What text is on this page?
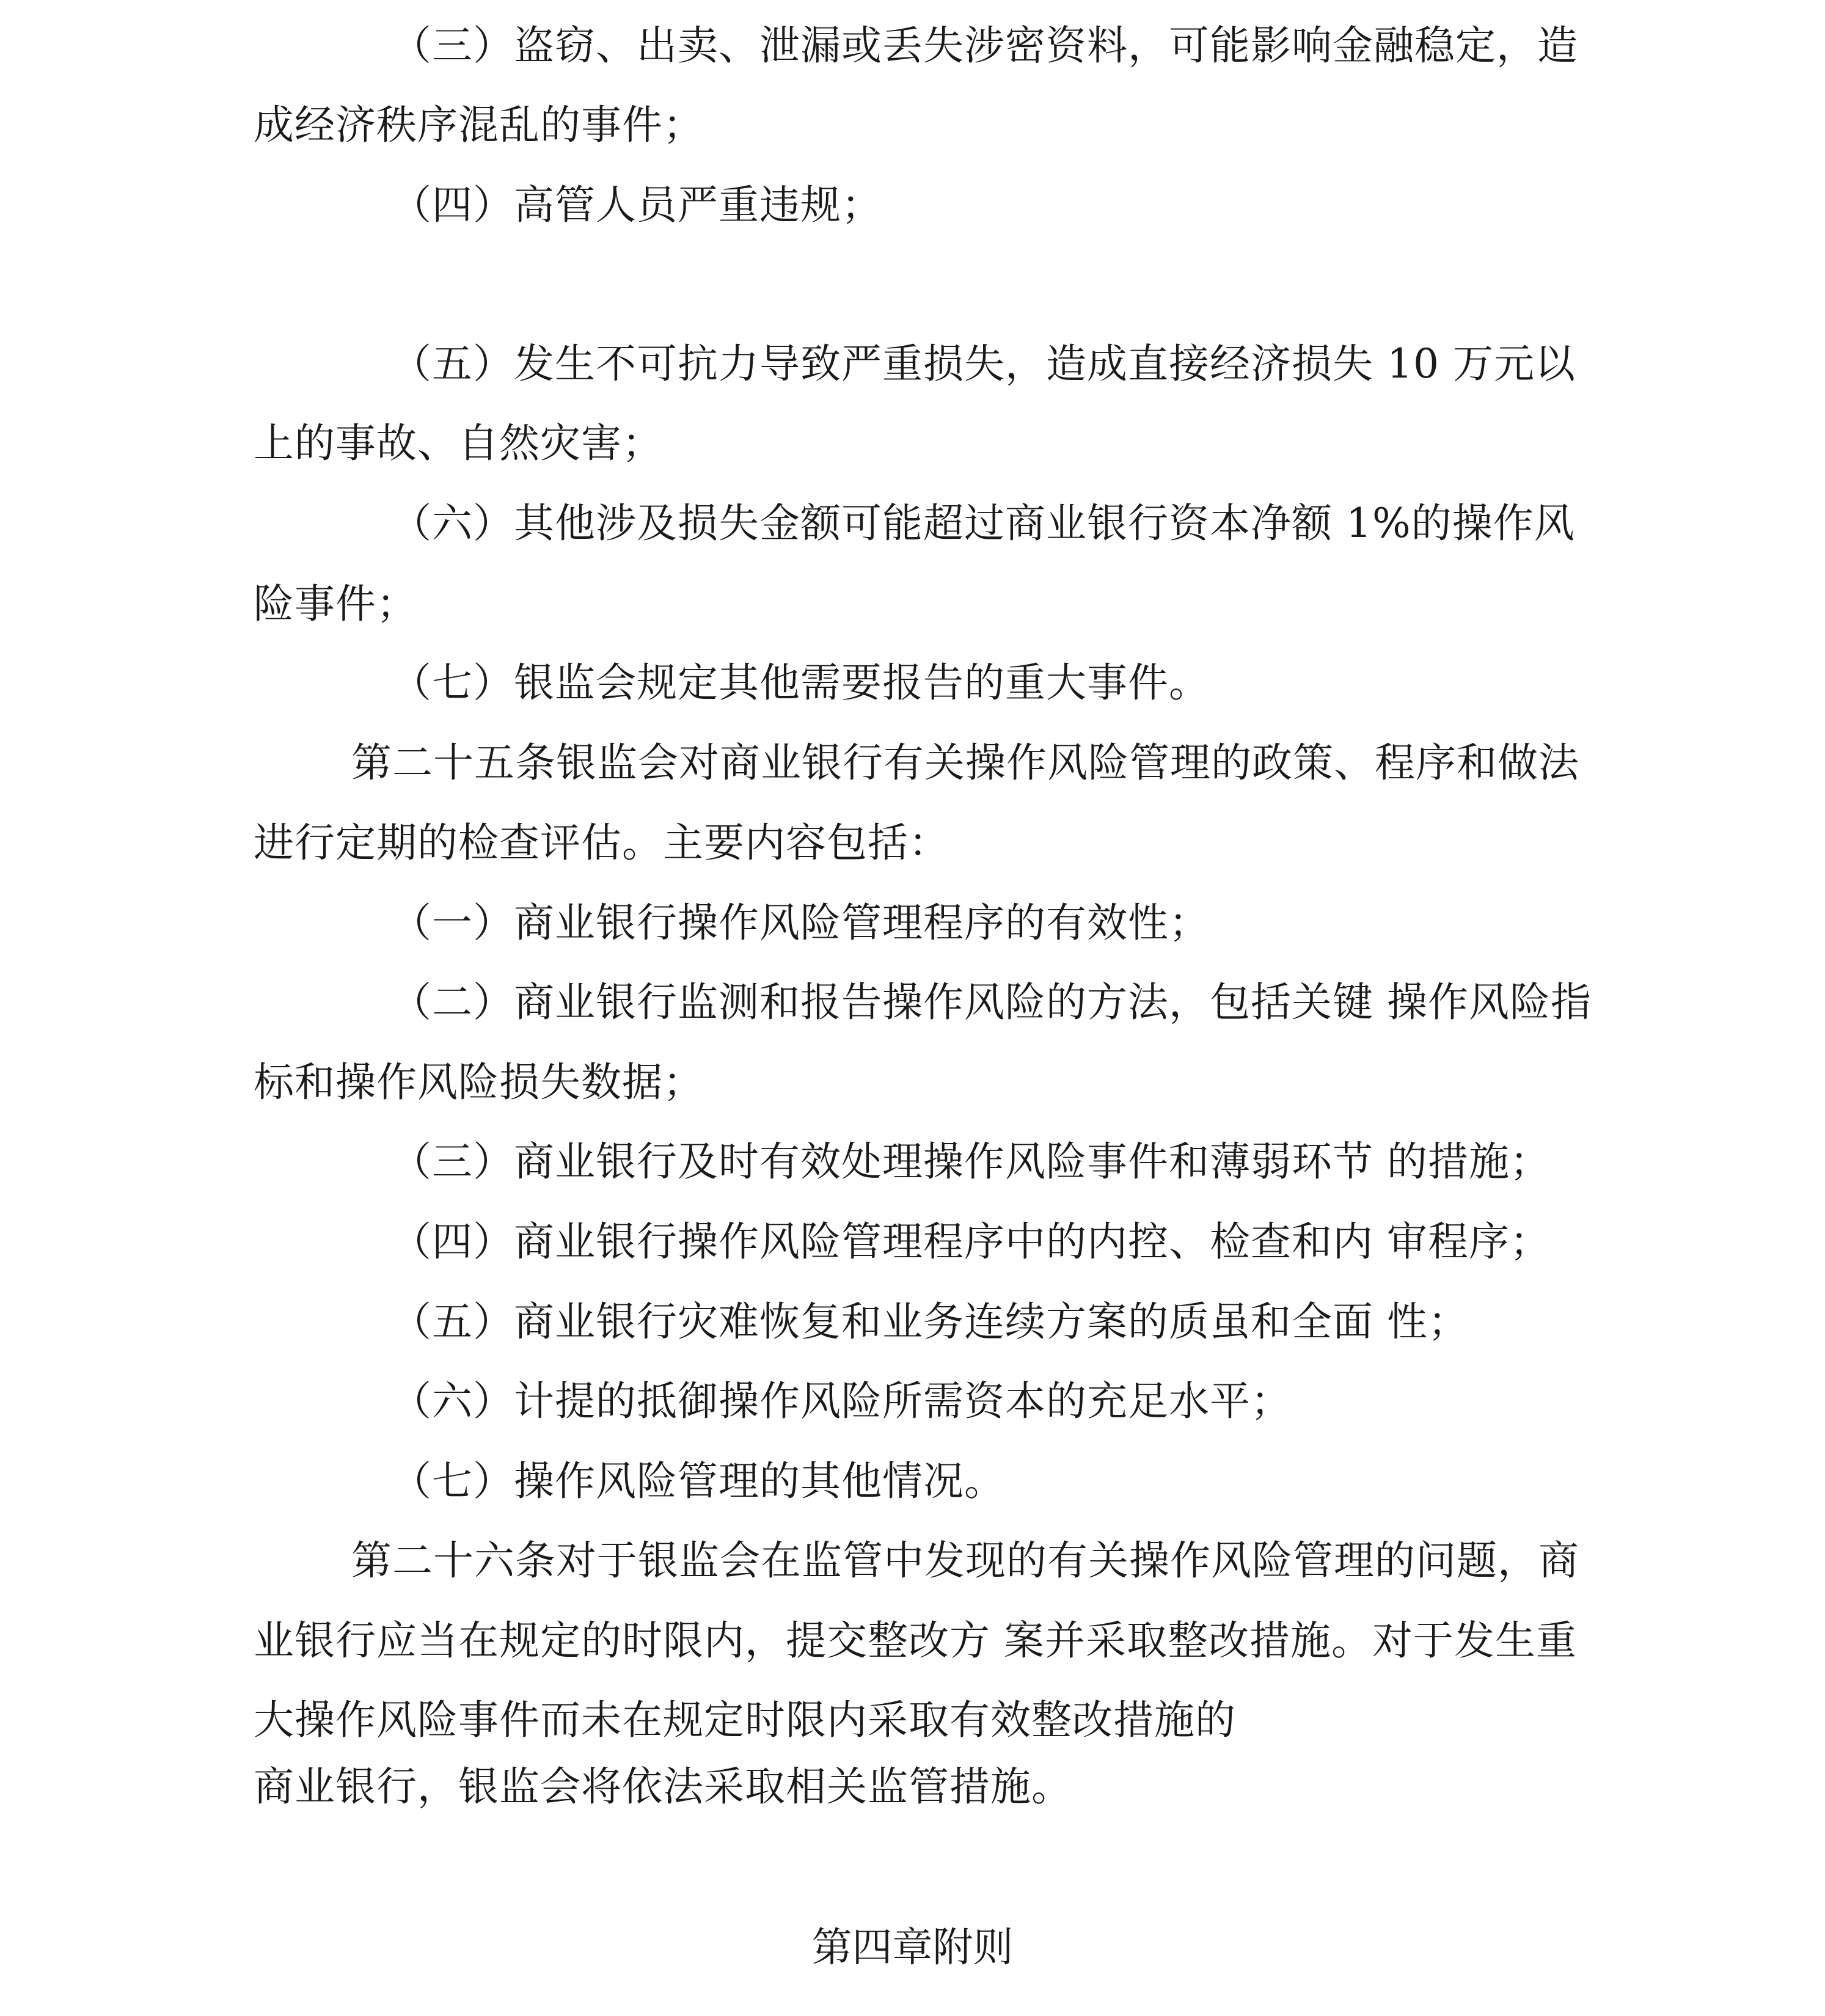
（三）盗窃、出卖、泄漏或丢失涉密资料，可能影响金融稳定，造
成经济秩序混乱的事件；
（四）高管人员严重违规；
（五）发生不可抗力导致严重损失，造成直接经济损失 10 万元以
上的事故、自然灾害；
（六）其他涉及损失金额可能超过商业银行资本净额 1%的操作风
险事件；
（七）银监会规定其他需要报告的重大事件。
第二十五条银监会对商业银行有关操作风险管理的政策、程序和做法
进行定期的检查评估。主要内容包括：
（一）商业银行操作风险管理程序的有效性；
（二）商业银行监测和报告操作风险的方法，包括关键 操作风险指
标和操作风险损失数据；
（三）商业银行及时有效处理操作风险事件和薄弱环节 的措施；
（四）商业银行操作风险管理程序中的内控、检查和内 审程序；
（五）商业银行灾难恢复和业务连续方案的质虽和全面 性；
（六）计提的抵御操作风险所需资本的充足水平；
（七）操作风险管理的其他情况。
第二十六条对于银监会在监管中发现的有关操作风险管理的问题，商
业银行应当在规定的时限内，提交整改方 案并采取整改措施。对于发生重
大操作风险事件而未在规定时限内采取有效整改措施的
商业银行，银监会将依法采取相关监管措施。
第四章附则
